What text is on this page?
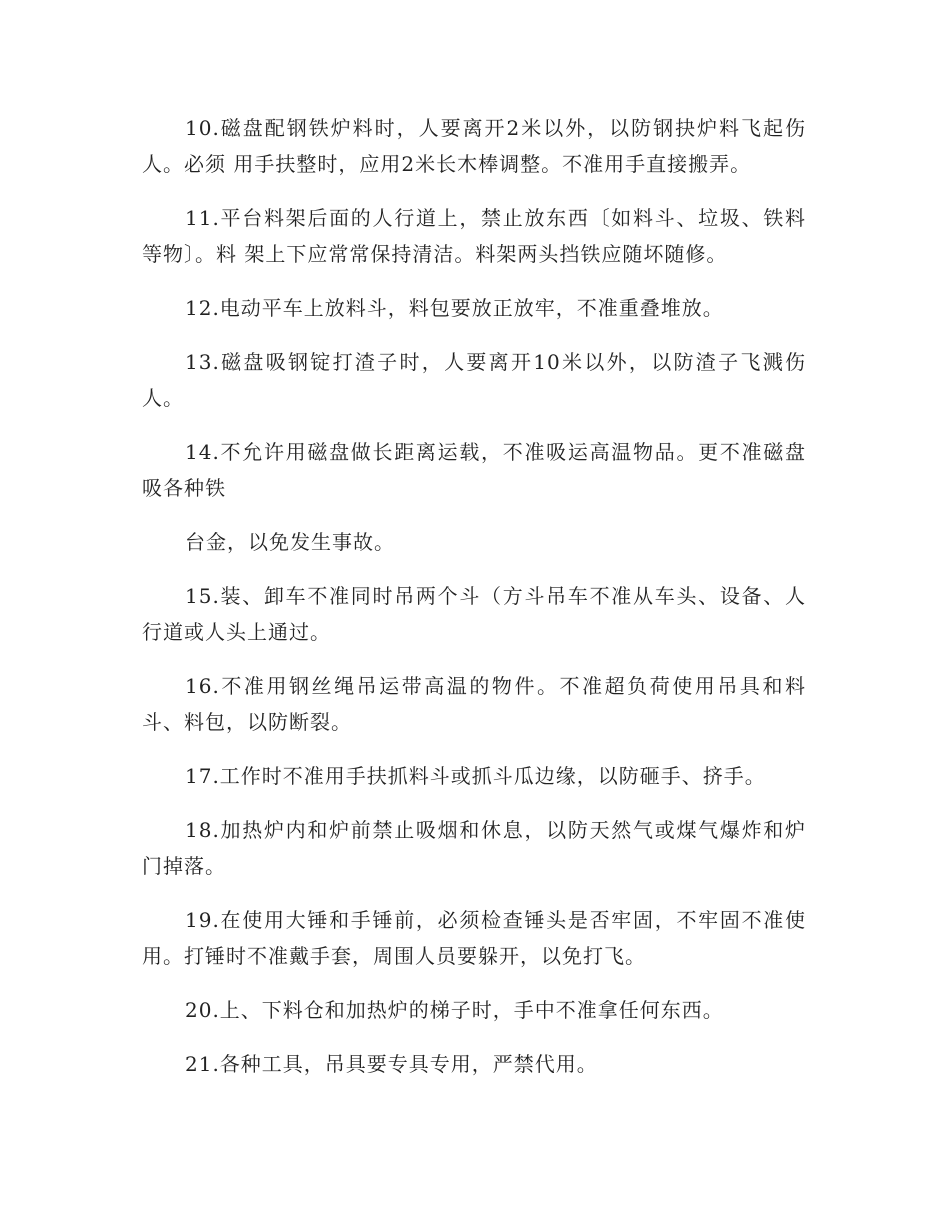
10.磁盘配钢铁炉料时，人要离开2米以外，以防钢抉炉料飞起伤人。必须 用手扶整时，应用2米长木棒调整。不准用手直接搬弄。

11.平台料架后面的人行道上，禁止放东西〔如料斗、垃圾、铁料等物〕。料 架上下应常常保持清洁。料架两头挡铁应随坏随修。

12.电动平车上放料斗，料包要放正放牢，不准重叠堆放。

13.磁盘吸钢锭打渣子时，人要离开10米以外，以防渣子飞溅伤人。

14.不允许用磁盘做长距离运载，不准吸运高温物品。更不准磁盘吸各种铁

台金，以免发生事故。

15.装、卸车不准同时吊两个斗（方斗吊车不准从车头、设备、人行道或人头上通过。

16.不准用钢丝绳吊运带高温的物件。不准超负荷使用吊具和料斗、料包，以防断裂。

17.工作时不准用手扶抓料斗或抓斗瓜边缘，以防砸手、挤手。

18.加热炉内和炉前禁止吸烟和休息，以防天然气或煤气爆炸和炉门掉落。

19.在使用大锤和手锤前，必须检查锤头是否牢固，不牢固不准使用。打锤时不准戴手套，周围人员要躲开，以免打飞。

20.上、下料仓和加热炉的梯子时，手中不准拿任何东西。

21.各种工具，吊具要专具专用，严禁代用。
